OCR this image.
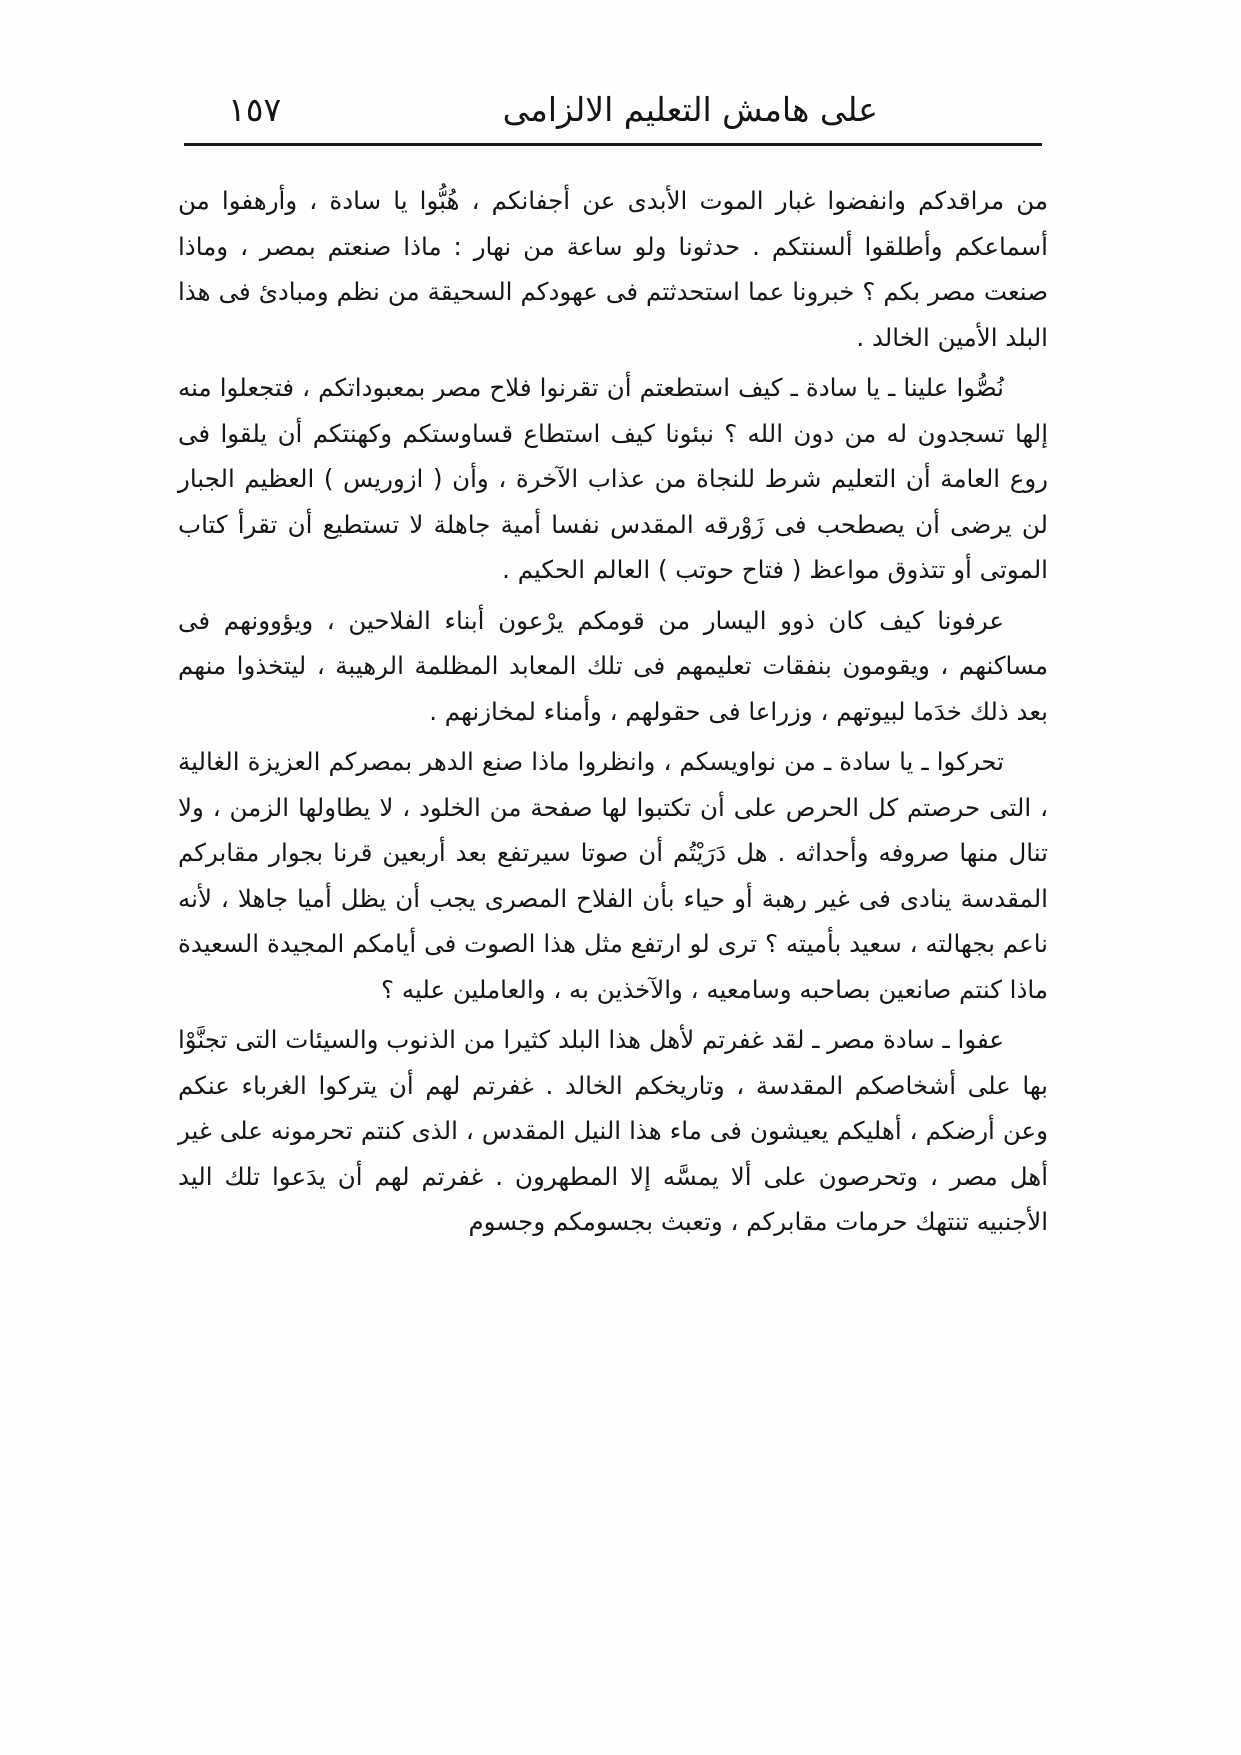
على هامش التعليم الالزامى
١٥٧

من مراقدكم وانفضوا غبار الموت الأبدى عن أجفانكم ، هُبُّوا يا سادة ، وأرهفوا من أسماعكم وأطلقوا ألسنتكم . حدثونا ولو ساعة من نهار : ماذا صنعتم بمصر ، وماذا صنعت مصر بكم ؟ خبرونا عما استحدثتم فى عهودكم السحيقة من نظم ومبادئ فى هذا البلد الأمين الخالد .

نُصُّوا علينا ـ يا سادة ـ كيف استطعتم أن تقرنوا فلاح مصر بمعبوداتكم ، فتجعلوا منه إلها تسجدون له من دون الله ؟ نبئونا كيف استطاع قساوستكم وكهنتكم أن يلقوا فى روع العامة أن التعليم شرط للنجاة من عذاب الآخرة ، وأن ( ازوريس ) العظيم الجبار لن يرضى أن يصطحب فى زَوْرقه المقدس نفسا أمية جاهلة لا تستطيع أن تقرأ كتاب الموتى أو تتذوق مواعظ ( فتاح حوتب ) العالم الحكيم .

عرفونا كيف كان ذوو اليسار من قومكم يرْعون أبناء الفلاحين ، ويؤوونهم فى مساكنهم ، ويقومون بنفقات تعليمهم فى تلك المعابد المظلمة الرهيبة ، ليتخذوا منهم بعد ذلك خدَما لبيوتهم ، وزراعا فى حقولهم ، وأمناء لمخازنهم .

تحركوا ـ يا سادة ـ من نواويسكم ، وانظروا ماذا صنع الدهر بمصركم العزيزة الغالية ، التى حرصتم كل الحرص على أن تكتبوا لها صفحة من الخلود ، لا يطاولها الزمن ، ولا تنال منها صروفه وأحداثه . هل دَرَيْتُم أن صوتا سيرتفع بعد أربعين قرنا بجوار مقابركم المقدسة ينادى فى غير رهبة أو حياء بأن الفلاح المصرى يجب أن يظل أميا جاهلا ، لأنه ناعم بجهالته ، سعيد بأميته ؟ ترى لو ارتفع مثل هذا الصوت فى أيامكم المجيدة السعيدة ماذا كنتم صانعين بصاحبه وسامعيه ، والآخذين به ، والعاملين عليه ؟

عفوا ـ سادة مصر ـ لقد غفرتم لأهل هذا البلد كثيرا من الذنوب والسيئات التى تجنَّوْا بها على أشخاصكم المقدسة ، وتاريخكم الخالد . غفرتم لهم أن يتركوا الغرباء عنكم وعن أرضكم ، أهليكم يعيشون فى ماء هذا النيل المقدس ، الذى كنتم تحرمونه على غير أهل مصر ، وتحرصون على ألا يمسَّه إلا المطهرون . غفرتم لهم أن يدَعوا تلك اليد الأجنبيه تنتهك حرمات مقابركم ، وتعبث بجسومكم وجسوم
